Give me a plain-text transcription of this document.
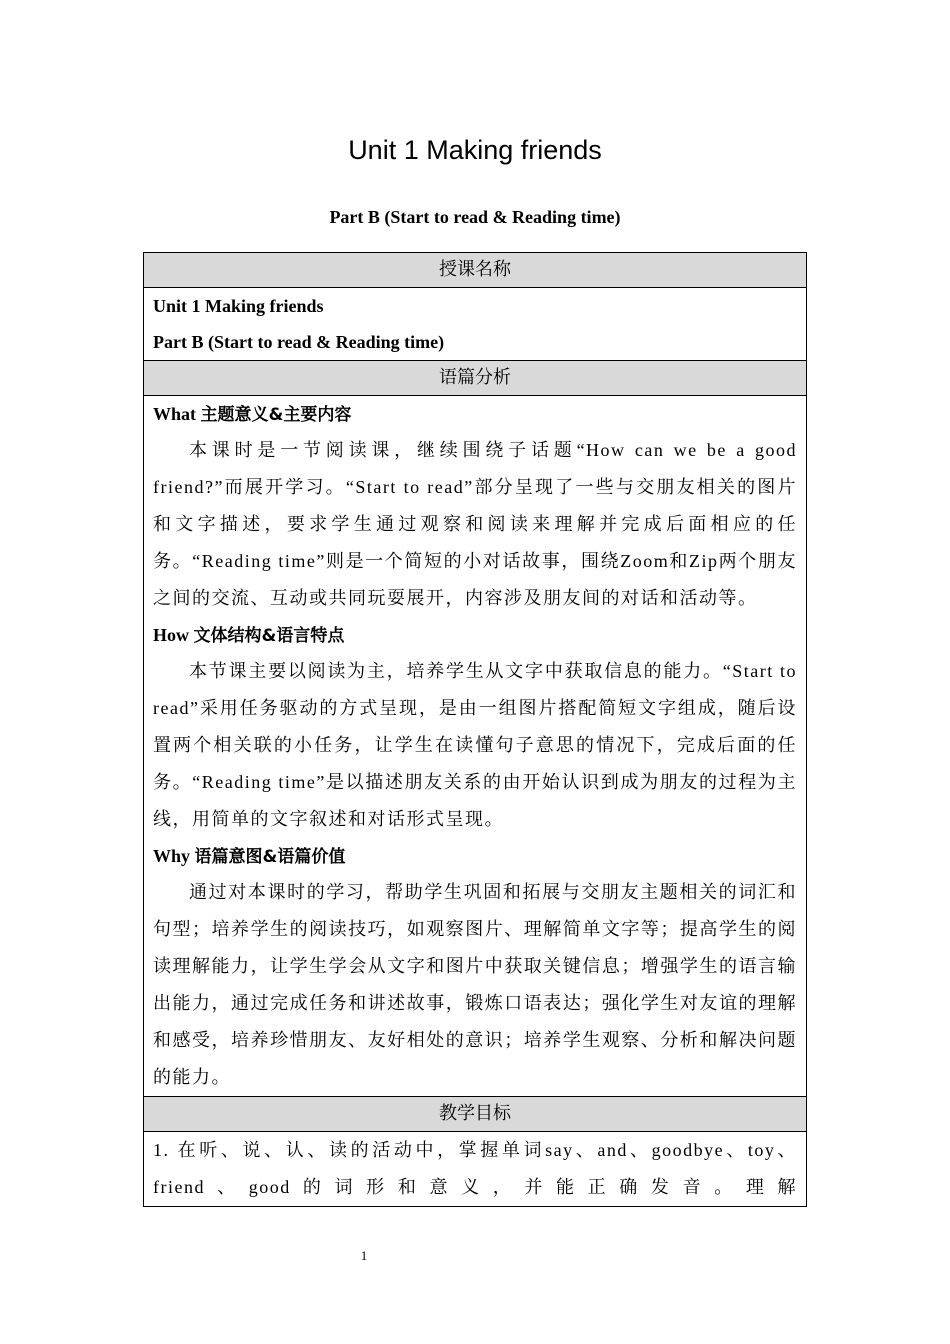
Unit 1 Making friends
Part B (Start to read & Reading time)
授课名称

Unit 1 Making friends
Part B (Start to read & Reading time)

语篇分析

What 主题意义&主要内容

本课时是一节阅读课，继续围绕子话题“How can we be a good friend?”而展开学习。“Start to read”部分呈现了一些与交朋友相关的图片和文字描述，要求学生通过观察和阅读来理解并完成后面相应的任务。“Reading time”则是一个简短的小对话故事，围绕Zoom和Zip两个朋友之间的交流、互动或共同玩耍展开，内容涉及朋友间的对话和活动等。

How 文体结构&语言特点

本节课主要以阅读为主，培养学生从文字中获取信息的能力。“Start to read”采用任务驱动的方式呈现，是由一组图片搭配简短文字组成，随后设置两个相关联的小任务，让学生在读懂句子意思的情况下，完成后面的任务。“Reading time”是以描述朋友关系的由开始认识到成为朋友的过程为主线，用简单的文字叙述和对话形式呈现。

Why 语篇意图&语篇价值

通过对本课时的学习，帮助学生巩固和拓展与交朋友主题相关的词汇和句型；培养学生的阅读技巧，如观察图片、理解简单文字等；提高学生的阅读理解能力，让学生学会从文字和图片中获取关键信息；增强学生的语言输出能力，通过完成任务和讲述故事，锻炼口语表达；强化学生对友谊的理解和感受，培养珍惜朋友、友好相处的意识；培养学生观察、分析和解决问题的能力。

教学目标

1. 在听、说、认、读的活动中，掌握单词say、and、goodbye、toy、friend、good的词形和意义，并能正确发音。理解

1
